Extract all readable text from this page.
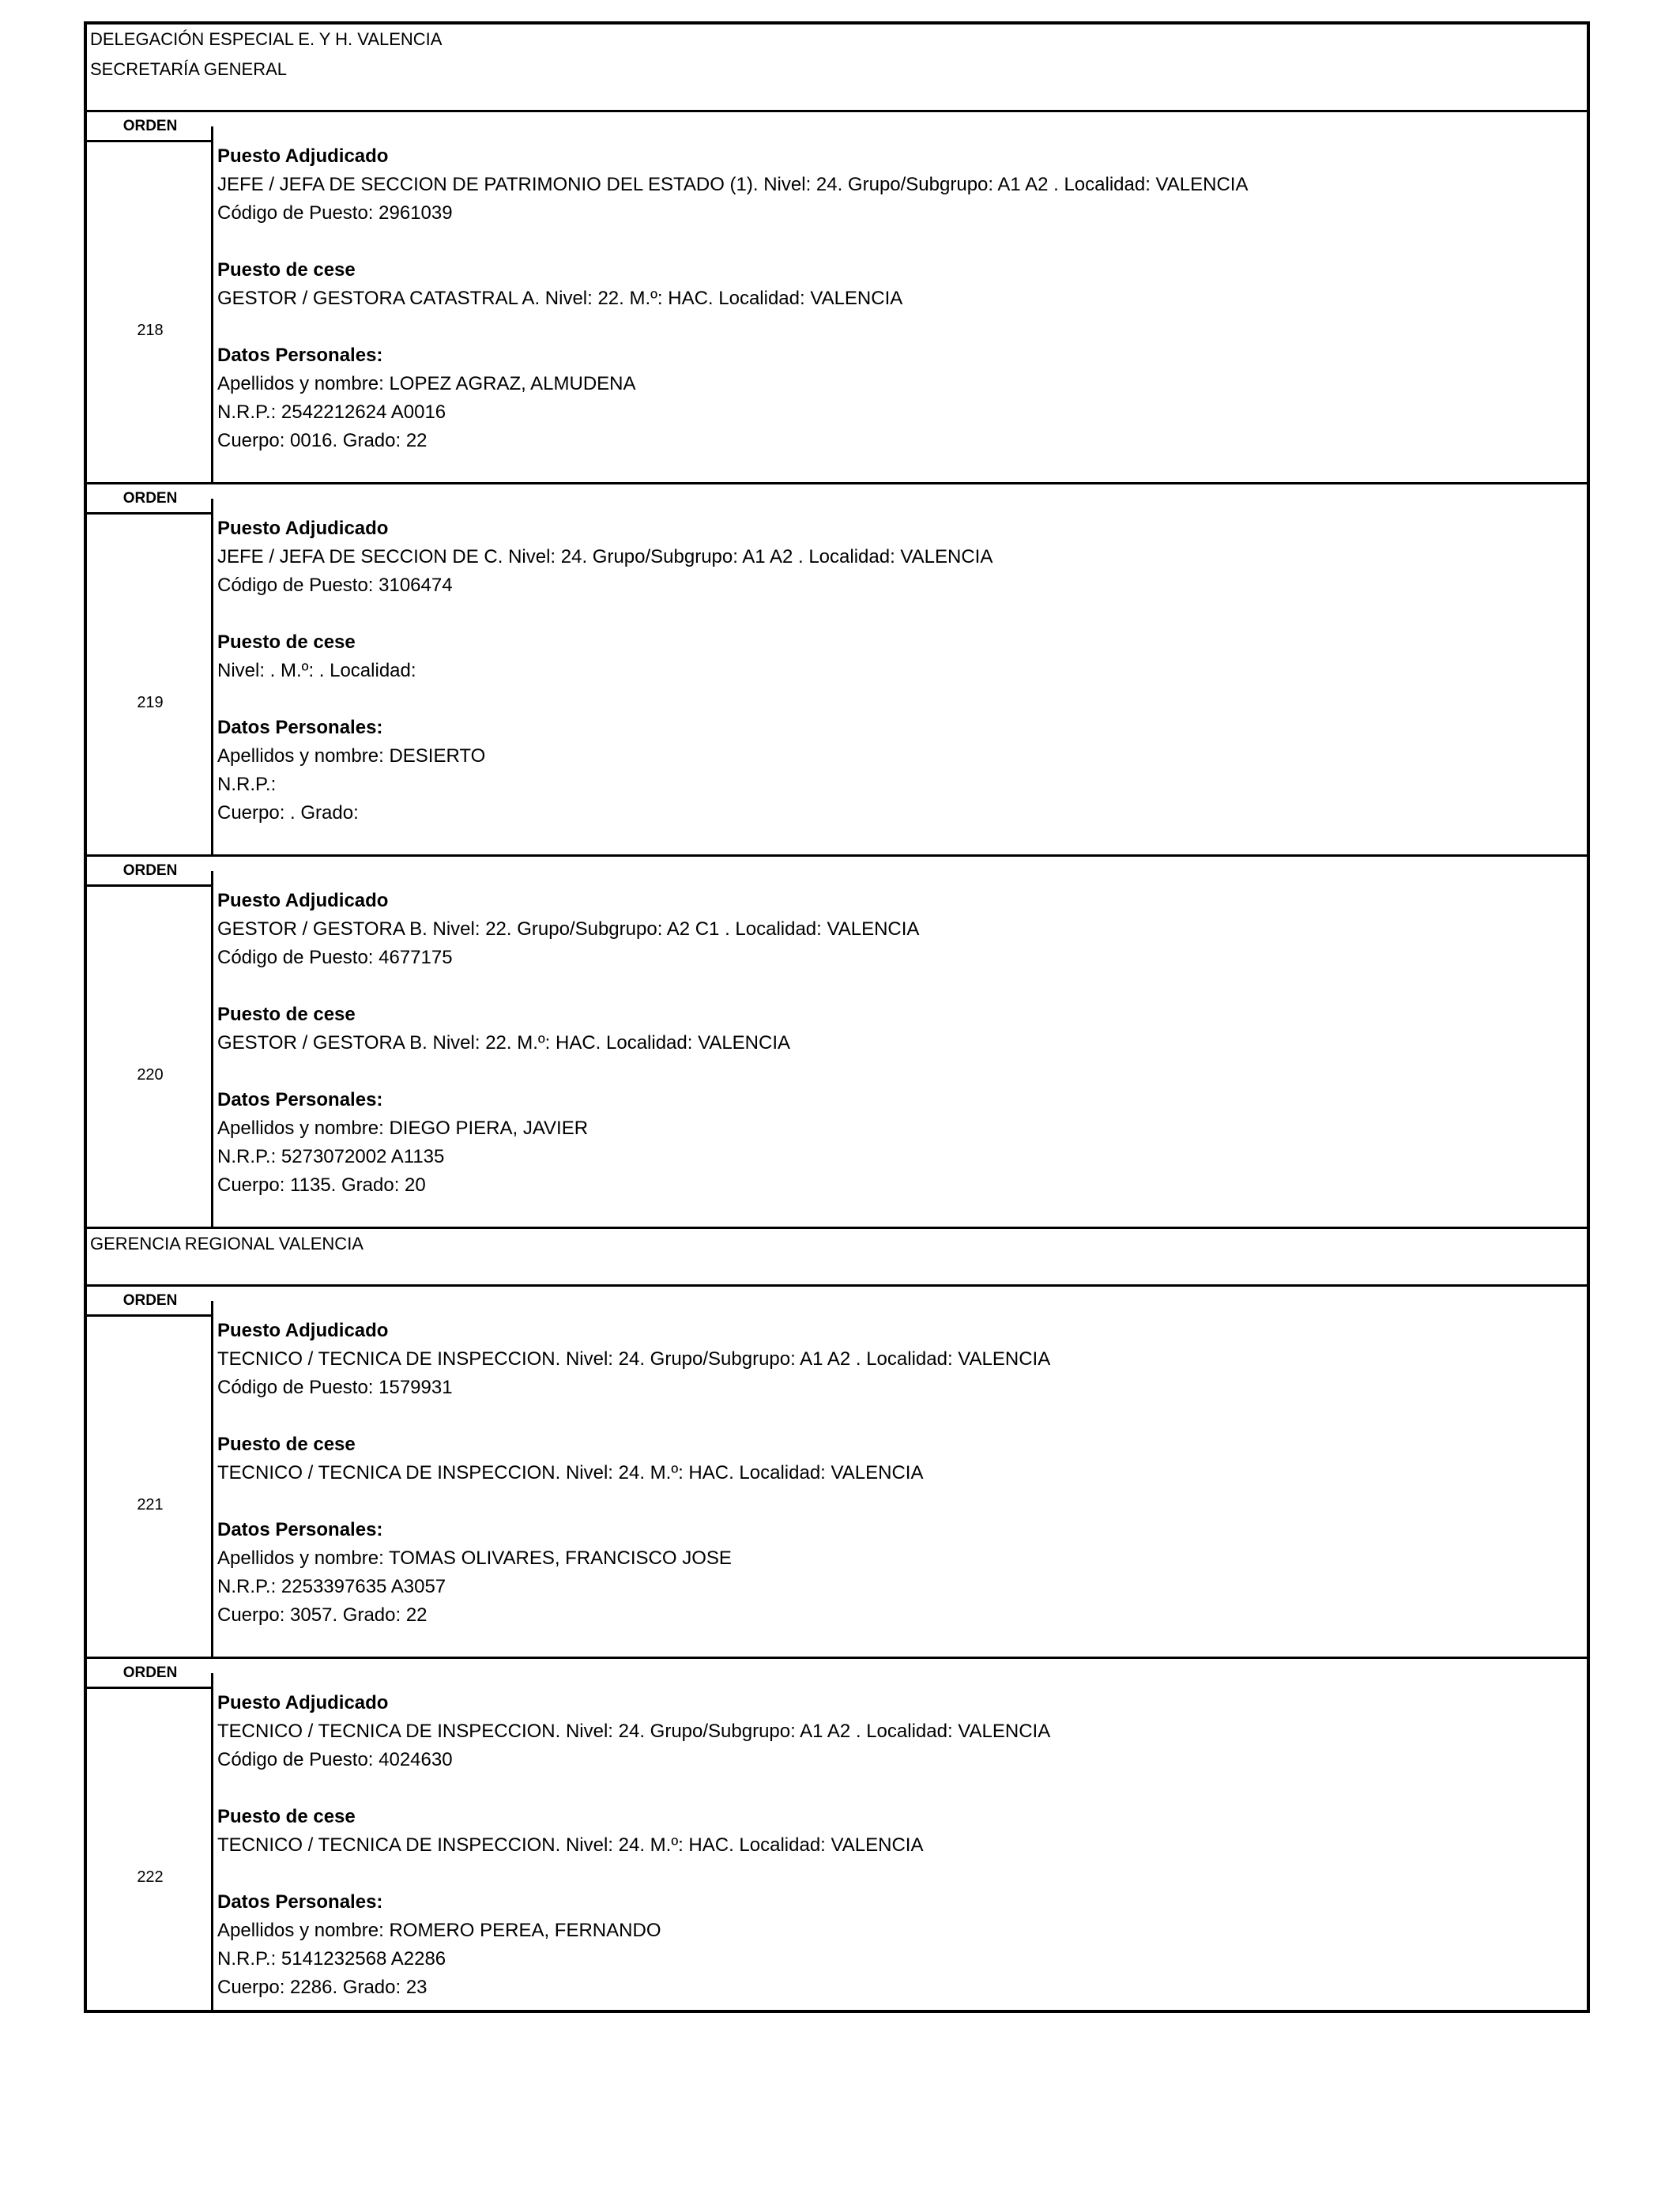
DELEGACIÓN ESPECIAL E. Y H. VALENCIA
SECRETARÍA GENERAL
ORDEN
218
Puesto Adjudicado
JEFE / JEFA DE SECCION DE PATRIMONIO DEL ESTADO (1). Nivel: 24. Grupo/Subgrupo: A1 A2 . Localidad: VALENCIA
Código de Puesto: 2961039
Puesto de cese
GESTOR / GESTORA CATASTRAL A. Nivel: 22. M.º: HAC. Localidad: VALENCIA
Datos Personales:
Apellidos y nombre: LOPEZ AGRAZ, ALMUDENA
N.R.P.: 2542212624 A0016
Cuerpo: 0016. Grado: 22
ORDEN
219
Puesto Adjudicado
JEFE / JEFA DE SECCION DE C. Nivel: 24. Grupo/Subgrupo: A1 A2 . Localidad: VALENCIA
Código de Puesto: 3106474
Puesto de cese
Nivel: . M.º: . Localidad:
Datos Personales:
Apellidos y nombre: DESIERTO
N.R.P.:
Cuerpo: . Grado:
ORDEN
220
Puesto Adjudicado
GESTOR / GESTORA B. Nivel: 22. Grupo/Subgrupo: A2 C1 . Localidad: VALENCIA
Código de Puesto: 4677175
Puesto de cese
GESTOR / GESTORA B. Nivel: 22. M.º: HAC. Localidad: VALENCIA
Datos Personales:
Apellidos y nombre: DIEGO PIERA, JAVIER
N.R.P.: 5273072002 A1135
Cuerpo: 1135. Grado: 20
GERENCIA REGIONAL VALENCIA
ORDEN
221
Puesto Adjudicado
TECNICO / TECNICA DE INSPECCION. Nivel: 24. Grupo/Subgrupo: A1 A2 . Localidad: VALENCIA
Código de Puesto: 1579931
Puesto de cese
TECNICO / TECNICA DE INSPECCION. Nivel: 24. M.º: HAC. Localidad: VALENCIA
Datos Personales:
Apellidos y nombre: TOMAS OLIVARES, FRANCISCO JOSE
N.R.P.: 2253397635 A3057
Cuerpo: 3057. Grado: 22
ORDEN
222
Puesto Adjudicado
TECNICO / TECNICA DE INSPECCION. Nivel: 24. Grupo/Subgrupo: A1 A2 . Localidad: VALENCIA
Código de Puesto: 4024630
Puesto de cese
TECNICO / TECNICA DE INSPECCION. Nivel: 24. M.º: HAC. Localidad: VALENCIA
Datos Personales:
Apellidos y nombre: ROMERO PEREA, FERNANDO
N.R.P.: 5141232568 A2286
Cuerpo: 2286. Grado: 23
